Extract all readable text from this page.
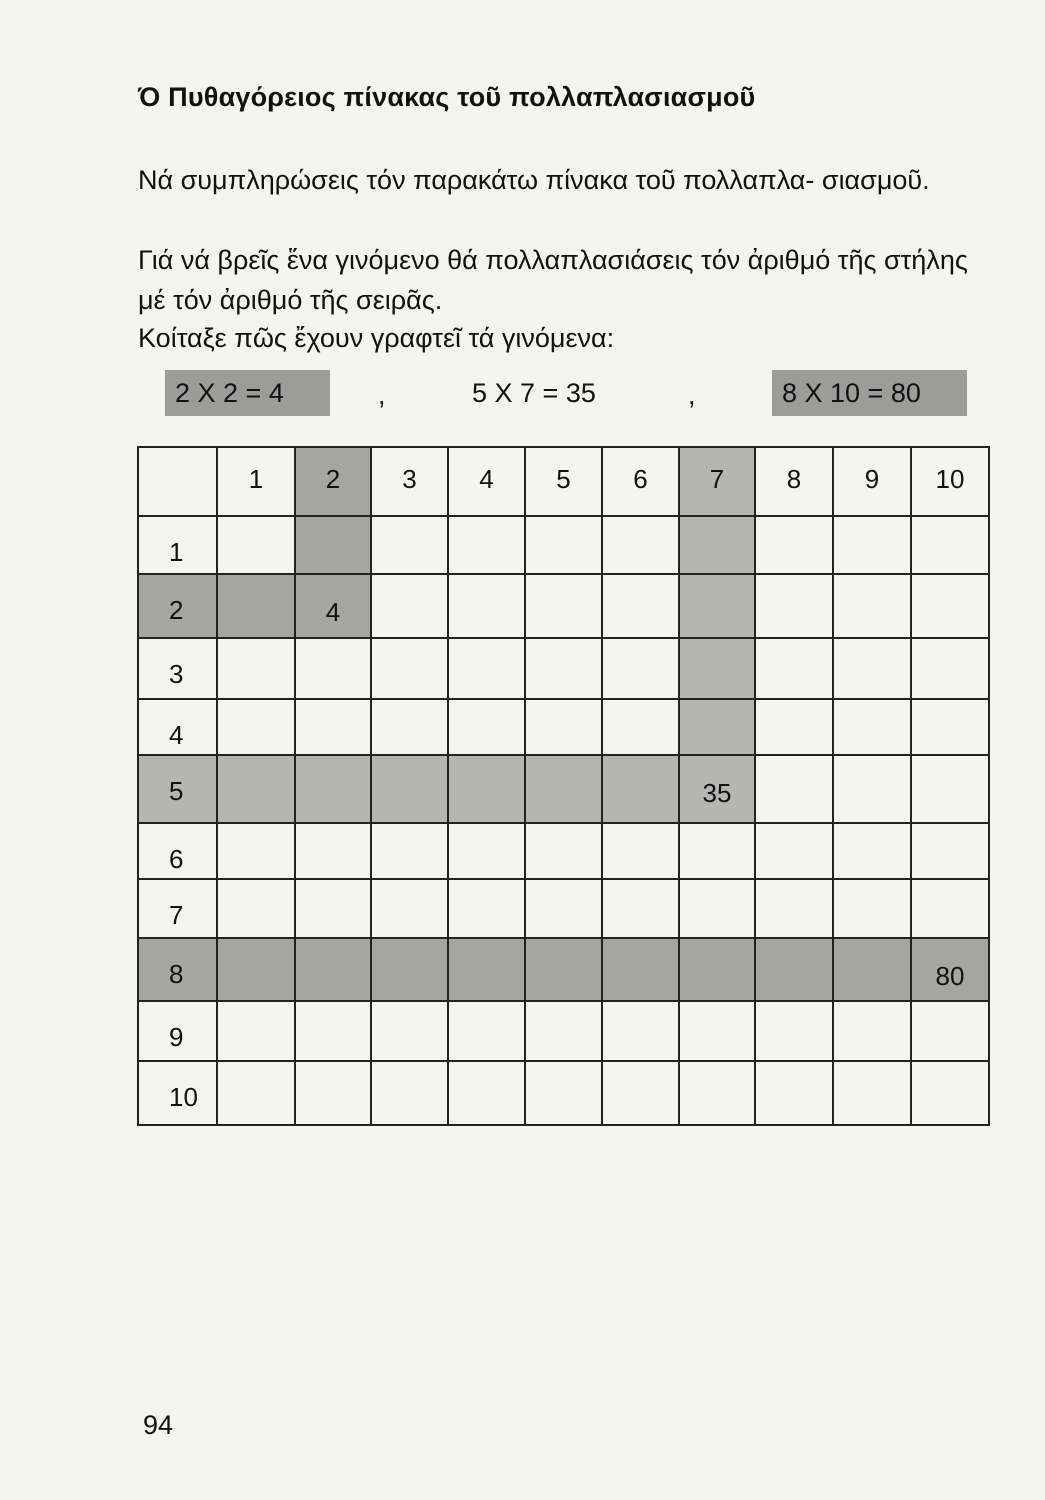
Ό Πυθαγόρειος πίνακας τοῦ πολλαπλασιασμοῦ
Νά συμπληρώσεις τόν παρακάτω πίνακα τοῦ πολλαπλα- σιασμοῦ.
Γιά νά βρεῖς ἕνα γινόμενο θά πολλαπλασιάσεις τόν ἀριθμό τῆς στήλης μέ τόν ἀριθμό τῆς σειρᾶς.
Κοίταξε πῶς ἔχουν γραφτεῖ τά γινόμενα:
2 X 2 = 4	,	5 X 7 = 35	,	8 X 10 = 80

	1	2	3	4	5	6	7	8	9	10

1										

2		4								

3										

4										

5							35			

6										

7										

8										80

9										

10										

94
